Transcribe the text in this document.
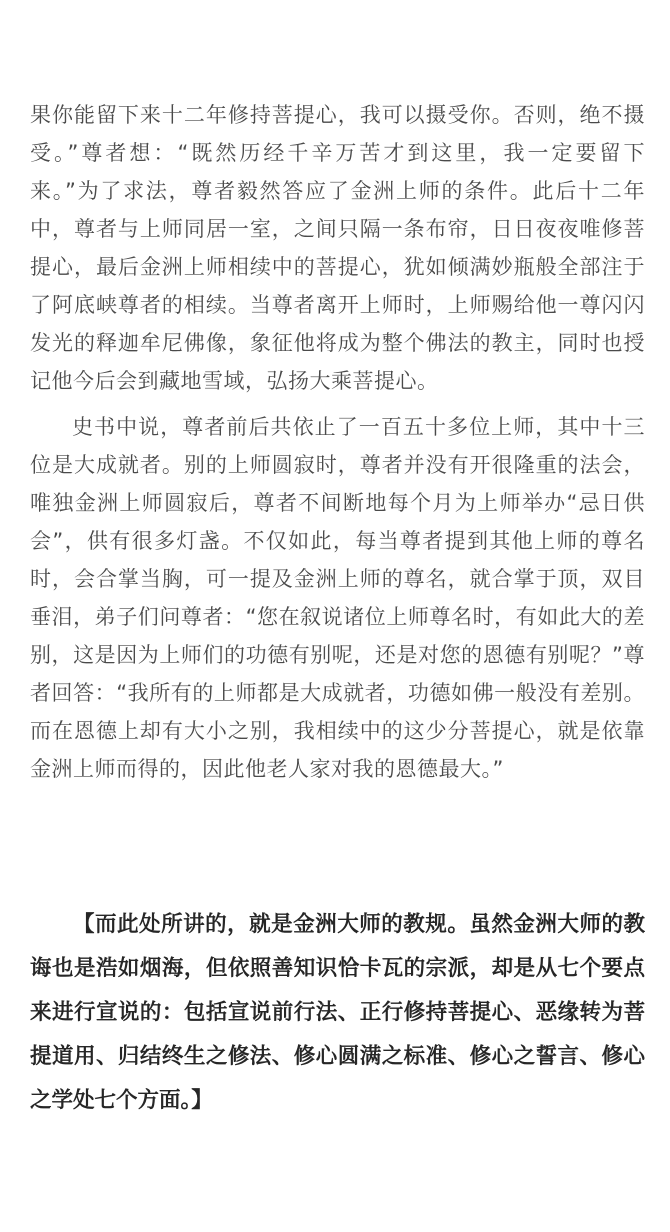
果你能留下来十二年修持菩提心，我可以摄受你。否则，绝不摄受。”尊者想：“既然历经千辛万苦才到这里，我一定要留下来。”为了求法，尊者毅然答应了金洲上师的条件。此后十二年中，尊者与上师同居一室，之间只隔一条布帘，日日夜夜唯修菩提心，最后金洲上师相续中的菩提心，犹如倾满妙瓶般全部注于了阿底峡尊者的相续。当尊者离开上师时，上师赐给他一尊闪闪发光的释迦牟尼佛像，象征他将成为整个佛法的教主，同时也授记他今后会到藏地雪域，弘扬大乘菩提心。

史书中说，尊者前后共依止了一百五十多位上师，其中十三位是大成就者。别的上师圆寂时，尊者并没有开很隆重的法会，唯独金洲上师圆寂后，尊者不间断地每个月为上师举办“忌日供会”，供有很多灯盏。不仅如此，每当尊者提到其他上师的尊名时，会合掌当胸，可一提及金洲上师的尊名，就合掌于顶，双目垂泪，弟子们问尊者：“您在叙说诸位上师尊名时，有如此大的差别，这是因为上师们的功德有别呢，还是对您的恩德有别呢？”尊者回答：“我所有的上师都是大成就者，功德如佛一般没有差别。而在恩德上却有大小之别，我相续中的这少分菩提心，就是依靠金洲上师而得的，因此他老人家对我的恩德最大。”

【而此处所讲的，就是金洲大师的教规。虽然金洲大师的教诲也是浩如烟海，但依照善知识恰卡瓦的宗派，却是从七个要点来进行宣说的：包括宣说前行法、正行修持菩提心、恶缘转为菩提道用、归结终生之修法、修心圆满之标准、修心之誓言、修心之学处七个方面。】
